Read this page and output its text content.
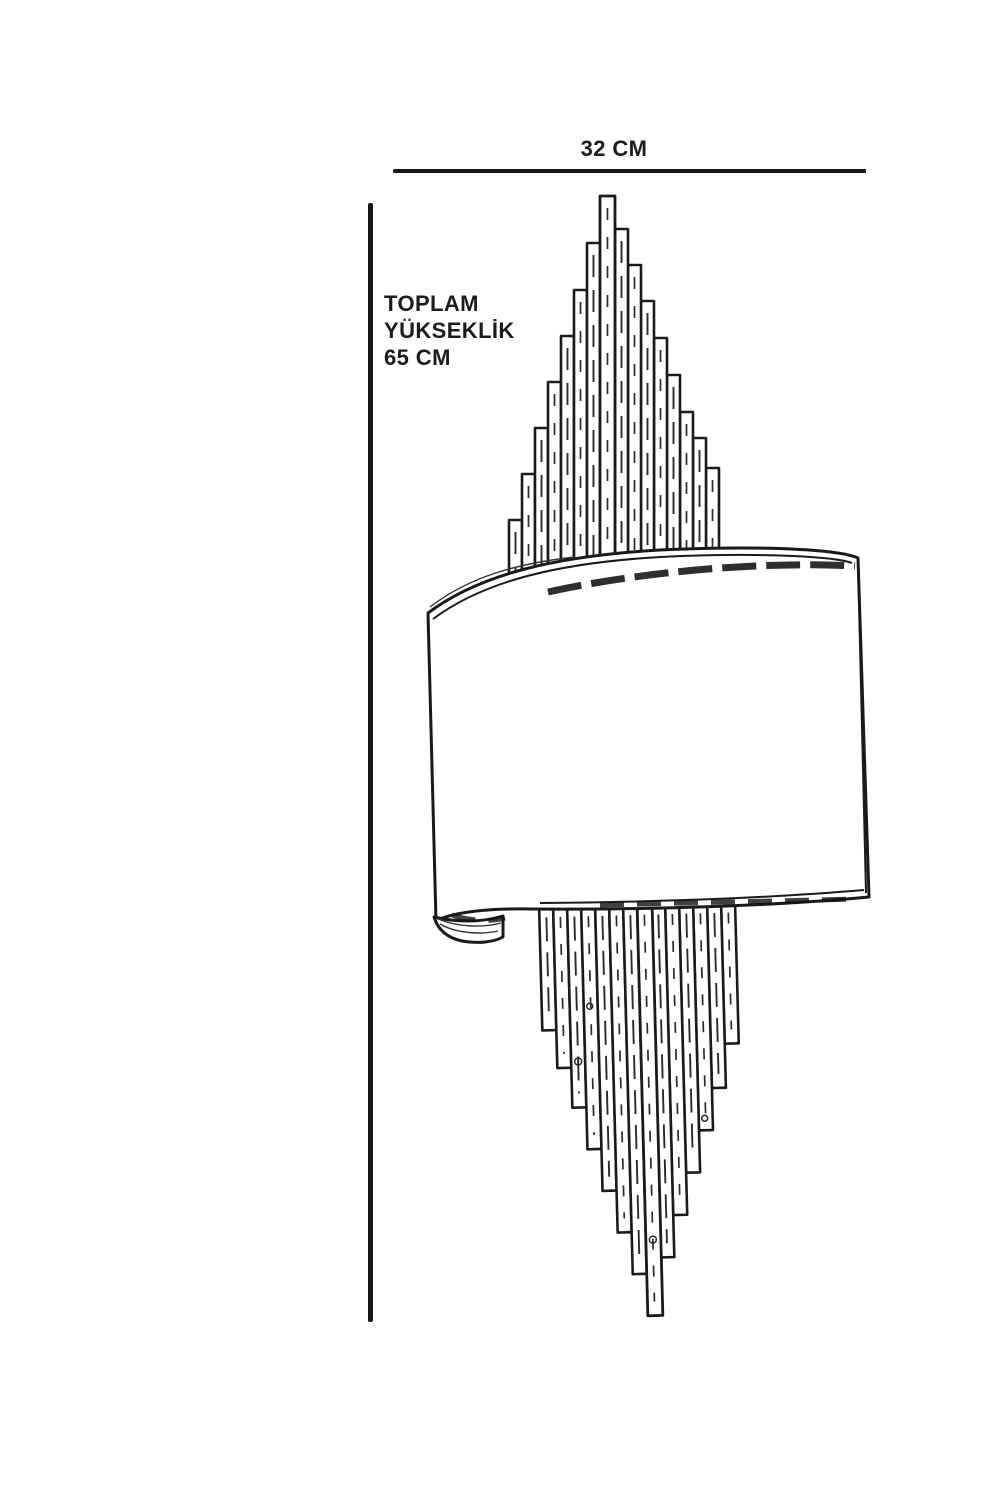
32 CM
TOPLAM
YÜKSEKLİK
65 CM
